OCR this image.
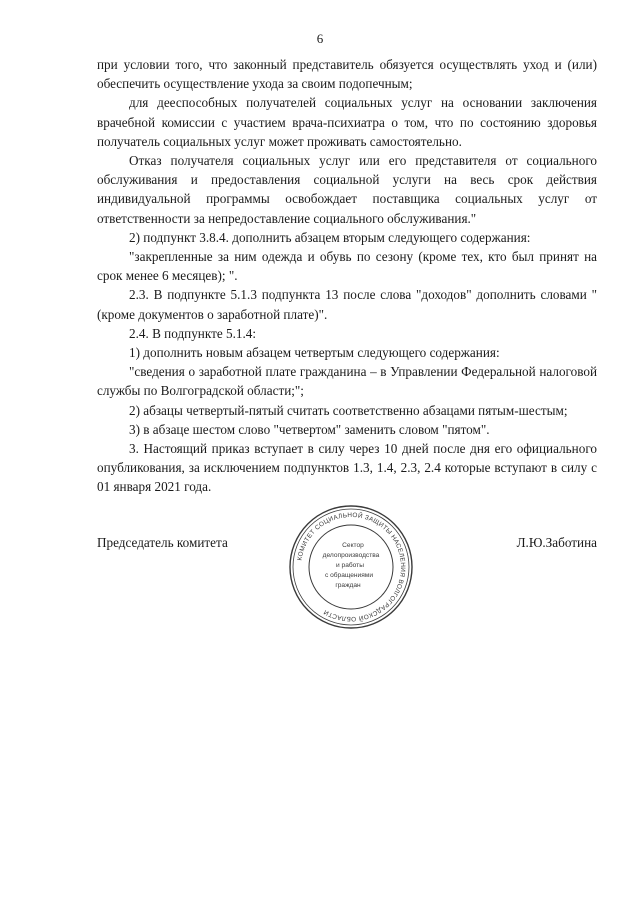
6

при условии того, что законный представитель обязуется осуществлять уход и (или) обеспечить осуществление ухода за своим подопечным;

для дееспособных получателей социальных услуг на основании заключения врачебной комиссии с участием врача-психиатра о том, что по состоянию здоровья получатель социальных услуг может проживать самостоятельно.

Отказ получателя социальных услуг или его представителя от социального обслуживания и предоставления социальной услуги на весь срок действия индивидуальной программы освобождает поставщика социальных услуг от ответственности за непредоставление социального обслуживания."

2) подпункт 3.8.4. дополнить абзацем вторым следующего содержания:

"закрепленные за ним одежда и обувь по сезону (кроме тех, кто был принят на срок менее 6 месяцев); ".

2.3. В подпункте 5.1.3 подпункта 13 после слова "доходов" дополнить словами "(кроме документов о заработной плате)".

2.4. В подпункте 5.1.4:

1) дополнить новым абзацем четвертым следующего содержания:

"сведения о заработной плате гражданина – в Управлении Федеральной налоговой службы по Волгоградской области;";

2) абзацы четвертый-пятый считать соответственно абзацами пятым-шестым;

3) в абзаце шестом слово "четвертом" заменить словом "пятом".

3. Настоящий приказ вступает в силу через 10 дней после дня его официального опубликования, за исключением подпунктов 1.3, 1.4, 2.3, 2.4 которые вступают в силу с 01 января 2021 года.

КОМИТЕТ СОЦИАЛЬНОЙ ЗАЩИТЫ НАСЕЛЕНИЯ ВОЛГОГРАДСКОЙ ОБЛАСТИ
Сектор
делопроизводства
и работы
с обращениями
граждан
Председатель комитета	Л.Ю.Заботина
